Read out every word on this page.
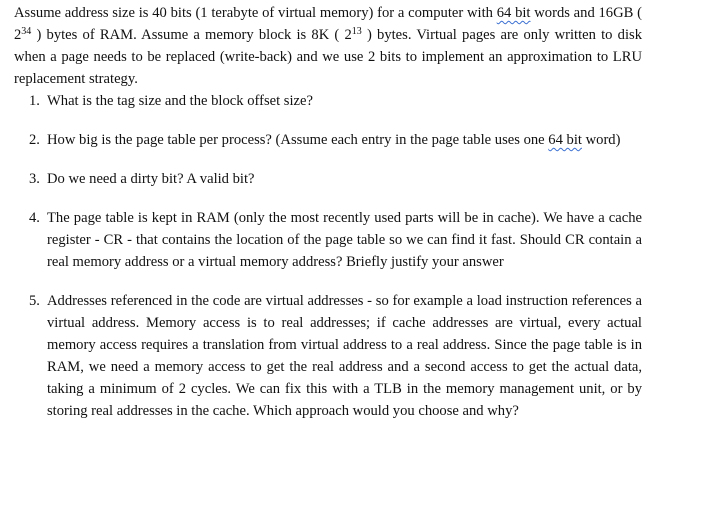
Assume address size is 40 bits (1 terabyte of virtual memory) for a computer with 64 bit words and 16GB ( $2^{34}$ ) bytes of RAM. Assume a memory block is 8K ( $2^{13}$ ) bytes. Virtual pages are only written to disk when a page needs to be replaced (write-back) and we use 2 bits to implement an approximation to LRU replacement strategy.

1. What is the tag size and the block offset size?
2. How big is the page table per process? (Assume each entry in the page table uses one 64 bit word)
3. Do we need a dirty bit? A valid bit?
4. The page table is kept in RAM (only the most recently used parts will be in cache). We have a cache register - CR - that contains the location of the page table so we can find it fast. Should CR contain a real memory address or a virtual memory address? Briefly justify your answer
5. Addresses referenced in the code are virtual addresses - so for example a load instruction references a virtual address. Memory access is to real addresses; if cache addresses are virtual, every actual memory access requires a translation from virtual address to a real address. Since the page table is in RAM, we need a memory access to get the real address and a second access to get the actual data, taking a minimum of 2 cycles. We can fix this with a TLB in the memory management unit, or by storing real addresses in the cache. Which approach would you choose and why?
